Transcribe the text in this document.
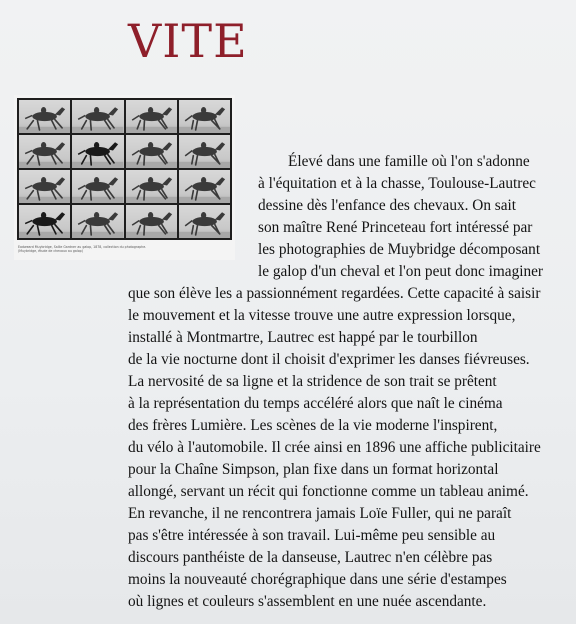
VITE
Eadweard Muybridge, Sallie Gardner au galop, 1878, collection du photographe.
(Muybridge, étude de chevaux au galop)
Élevé dans une famille où l'on s'adonne
à l'équitation et à la chasse, Toulouse-Lautrec
dessine dès l'enfance des chevaux. On sait
son maître René Princeteau fort intéressé par
les photographies de Muybridge décomposant
le galop d'un cheval et l'on peut donc imaginer
que son élève les a passionnément regardées. Cette capacité à saisir
le mouvement et la vitesse trouve une autre expression lorsque,
installé à Montmartre, Lautrec est happé par le tourbillon
de la vie nocturne dont il choisit d'exprimer les danses fiévreuses.
La nervosité de sa ligne et la stridence de son trait se prêtent
à la représentation du temps accéléré alors que naît le cinéma
des frères Lumière. Les scènes de la vie moderne l'inspirent,
du vélo à l'automobile. Il crée ainsi en 1896 une affiche publicitaire
pour la Chaîne Simpson, plan fixe dans un format horizontal
allongé, servant un récit qui fonctionne comme un tableau animé.
En revanche, il ne rencontrera jamais Loïe Fuller, qui ne paraît
pas s'être intéressée à son travail. Lui-même peu sensible au
discours panthéiste de la danseuse, Lautrec n'en célèbre pas
moins la nouveauté chorégraphique dans une série d'estampes
où lignes et couleurs s'assemblent en une nuée ascendante.
